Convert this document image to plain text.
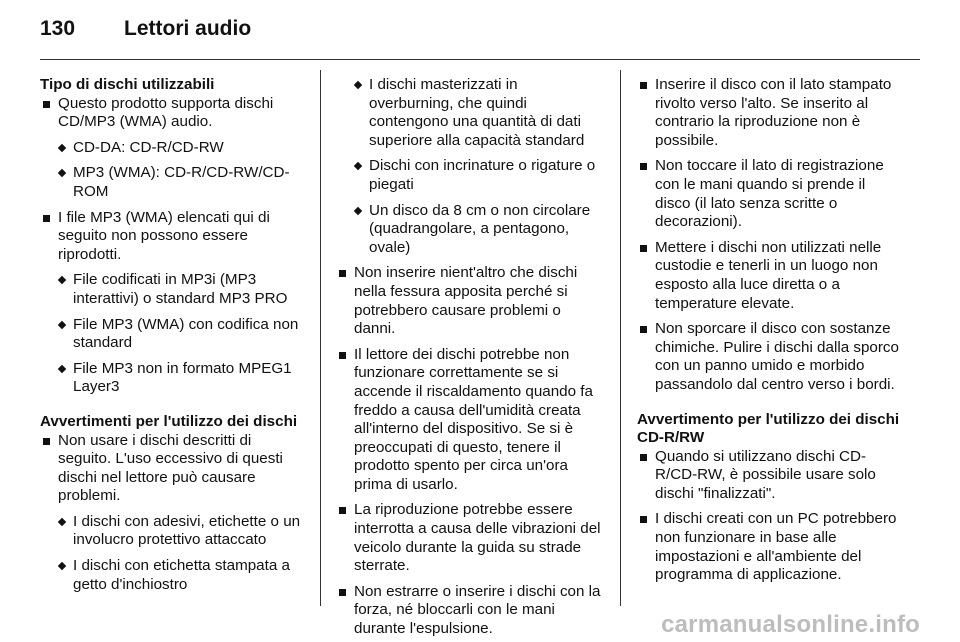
130 Lettori audio
Tipo di dischi utilizzabili
Questo prodotto supporta dischi CD/MP3 (WMA) audio.
CD-DA: CD-R/CD-RW
MP3 (WMA): CD-R/CD-RW/CD-ROM
I file MP3 (WMA) elencati qui di seguito non possono essere riprodotti.
File codificati in MP3i (MP3 interattivi) o standard MP3 PRO
File MP3 (WMA) con codifica non standard
File MP3 non in formato MPEG1 Layer3
Avvertimenti per l'utilizzo dei dischi
Non usare i dischi descritti di seguito. L'uso eccessivo di questi dischi nel lettore può causare problemi.
I dischi con adesivi, etichette o un involucro protettivo attaccato
I dischi con etichetta stampata a getto d'inchiostro
I dischi masterizzati in overburning, che quindi contengono una quantità di dati superiore alla capacità standard
Dischi con incrinature o rigature o piegati
Un disco da 8 cm o non circolare (quadrangolare, a pentagono, ovale)
Non inserire nient'altro che dischi nella fessura apposita perché si potrebbero causare problemi o danni.
Il lettore dei dischi potrebbe non funzionare correttamente se si accende il riscaldamento quando fa freddo a causa dell'umidità creata all'interno del dispositivo. Se si è preoccupati di questo, tenere il prodotto spento per circa un'ora prima di usarlo.
La riproduzione potrebbe essere interrotta a causa delle vibrazioni del veicolo durante la guida su strade sterrate.
Non estrarre o inserire i dischi con la forza, né bloccarli con le mani durante l'espulsione.
Inserire il disco con il lato stampato rivolto verso l'alto. Se inserito al contrario la riproduzione non è possibile.
Non toccare il lato di registrazione con le mani quando si prende il disco (il lato senza scritte o decorazioni).
Mettere i dischi non utilizzati nelle custodie e tenerli in un luogo non esposto alla luce diretta o a temperature elevate.
Non sporcare il disco con sostanze chimiche. Pulire i dischi dalla sporco con un panno umido e morbido passandolo dal centro verso i bordi.
Avvertimento per l'utilizzo dei dischi CD-R/RW
Quando si utilizzano dischi CD-R/CD-RW, è possibile usare solo dischi "finalizzati".
I dischi creati con un PC potrebbero non funzionare in base alle impostazioni e all'ambiente del programma di applicazione.
carmanualsonline.info
